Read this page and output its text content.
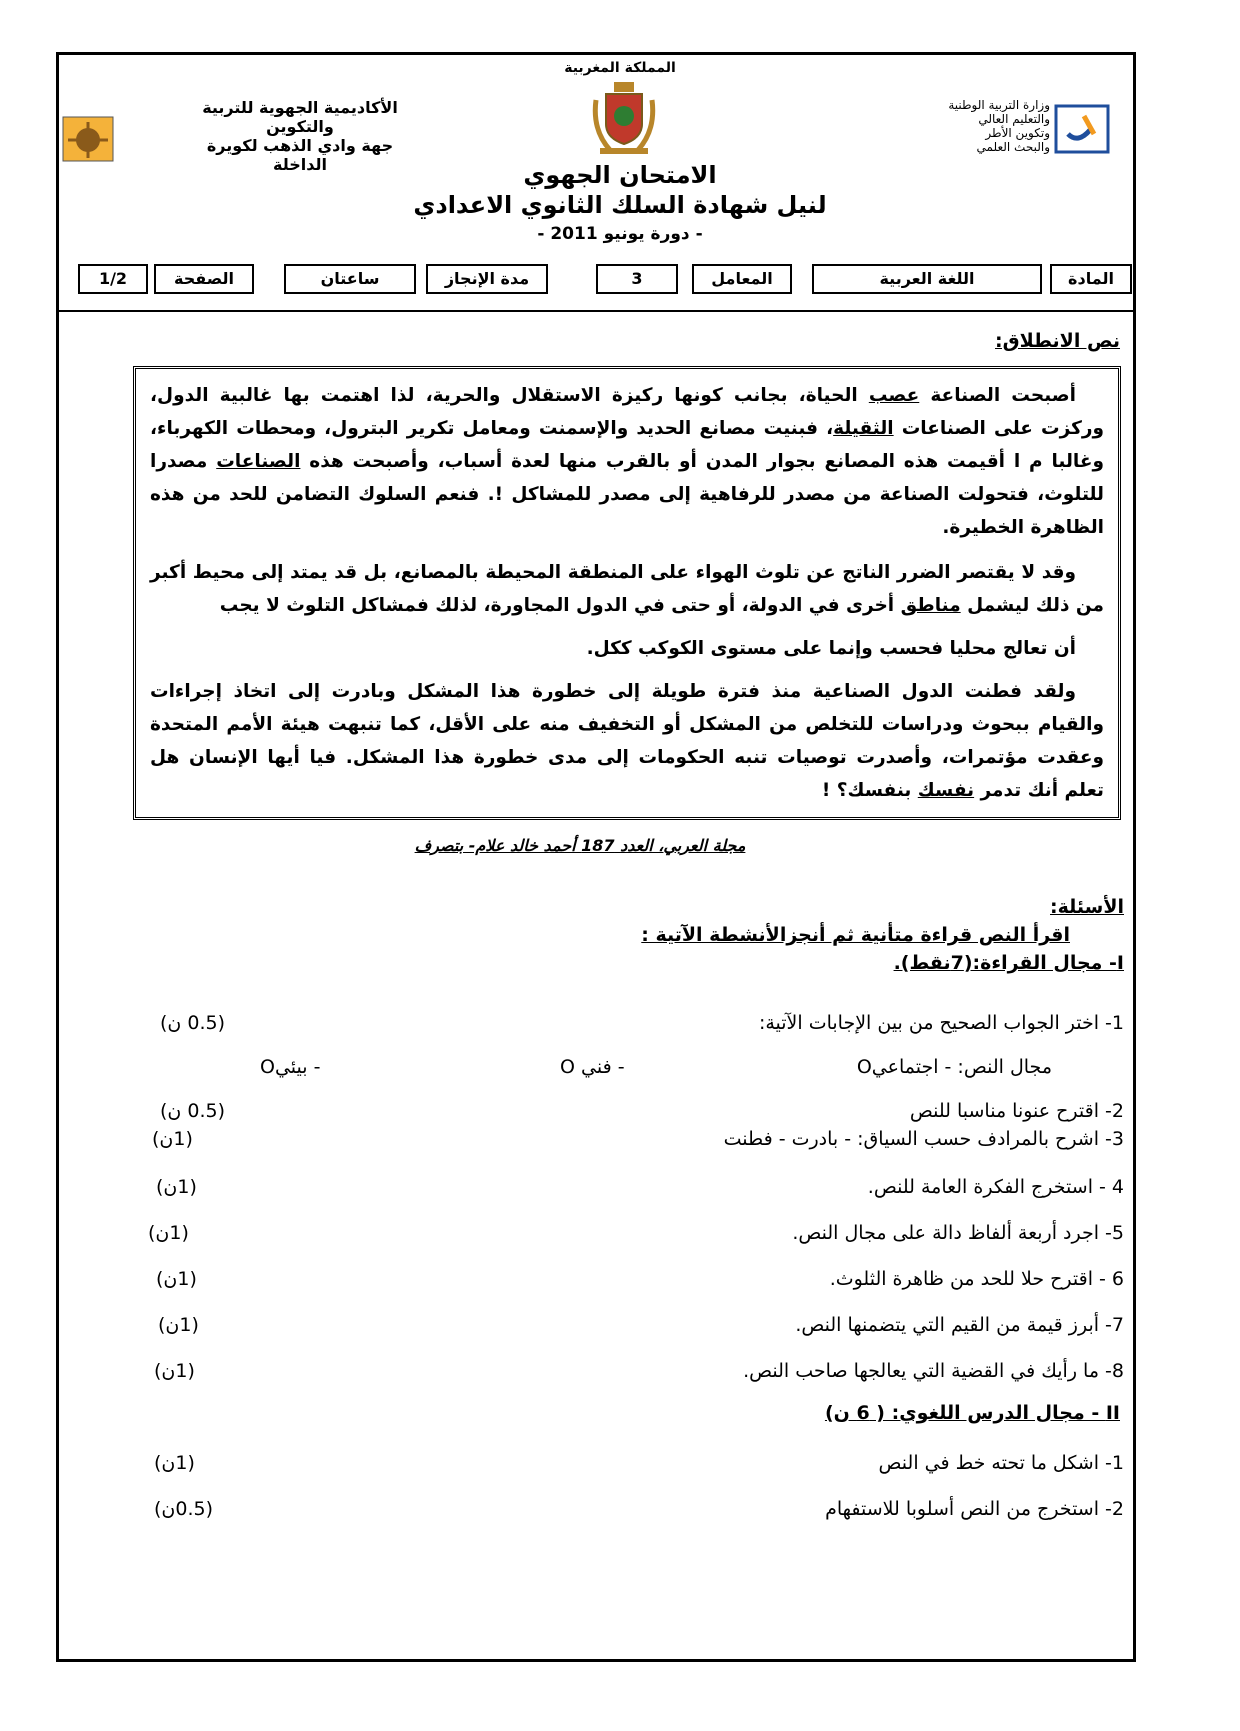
وزارة التربية الوطنية
والتعليم العالي
وتكوين الأطر
والبحث العلمي
المملكة المغربية
الأكاديمية الجهوية للتربية والتكوين
جهة وادي الذهب لكويرة
الداخلة	الامتحان الجهوي
لنيل شهادة السلك الثانوي الاعدادي
- دورة يونيو 2011 -
المادة
اللغة العربية
المعامل
3
مدة الإنجاز
ساعتان
الصفحة
1/2
نص الانطلاق:

أصبحت الصناعة عصب الحياة، بجانب كونها ركيزة الاستقلال والحرية، لذا اهتمت بها غالبية الدول، وركزت على الصناعات الثقيلة، فبنيت مصانع الحديد والإسمنت ومعامل تكرير البترول، ومحطات الكهرباء، وغالبا م ا أقيمت هذه المصانع بجوار المدن أو بالقرب منها لعدة أسباب، وأصبحت هذه الصناعات مصدرا للتلوث، فتحولت الصناعة من مصدر للرفاهية إلى مصدر للمشاكل !. فنعم السلوك التضامن للحد من هذه الظاهرة الخطيرة.

وقد لا يقتصر الضرر الناتج عن تلوث الهواء على المنطقة المحيطة بالمصانع، بل قد يمتد إلى محيط أكبر من ذلك ليشمل مناطق أخرى في الدولة، أو حتى في الدول المجاورة، لذلك فمشاكل التلوث لا يجب

أن تعالج محليا فحسب وإنما على مستوى الكوكب ككل.

ولقد فطنت الدول الصناعية منذ فترة طويلة إلى خطورة هذا المشكل وبادرت إلى اتخاذ إجراءات والقيام ببحوث ودراسات للتخلص من المشكل أو التخفيف منه على الأقل، كما تنبهت هيئة الأمم المتحدة وعقدت مؤتمرات، وأصدرت توصيات تنبه الحكومات إلى مدى خطورة هذا المشكل. فيا أيها الإنسان هل تعلم أنك تدمر نفسك بنفسك؟ !

مجلة العربي، العدد 187 أحمد خالد علام- بتصرف
الأسئلة:
اقرأ النص قراءة متأنية ثم أنجزالأنشطة الآتية :
I- مجال القراءة:(7نقط).
1- اختر الجواب الصحيح من بين الإجابات الآتية:
(0.5 ن)
مجال النص: - اجتماعيO
- فني O
- بيئيO
2- اقترح عنونا مناسبا للنص
(0.5 ن)
3- اشرح بالمرادف حسب السياق: - بادرت - فطنت
(1ن)
4 - استخرج الفكرة العامة للنص.
(1ن)
5- اجرد أربعة ألفاظ دالة على مجال النص.
(1ن)
6 - اقترح حلا للحد من ظاهرة الثلوث.
(1ن)
7- أبرز قيمة من القيم التي يتضمنها النص.
(1ن)
8- ما رأيك في القضية التي يعالجها صاحب النص.
(1ن)
II - مجال الدرس اللغوي: ( 6 ن)
1- اشكل ما تحته خط في النص
(1ن)
2- استخرج من النص أسلوبا للاستفهام
(0.5ن)
